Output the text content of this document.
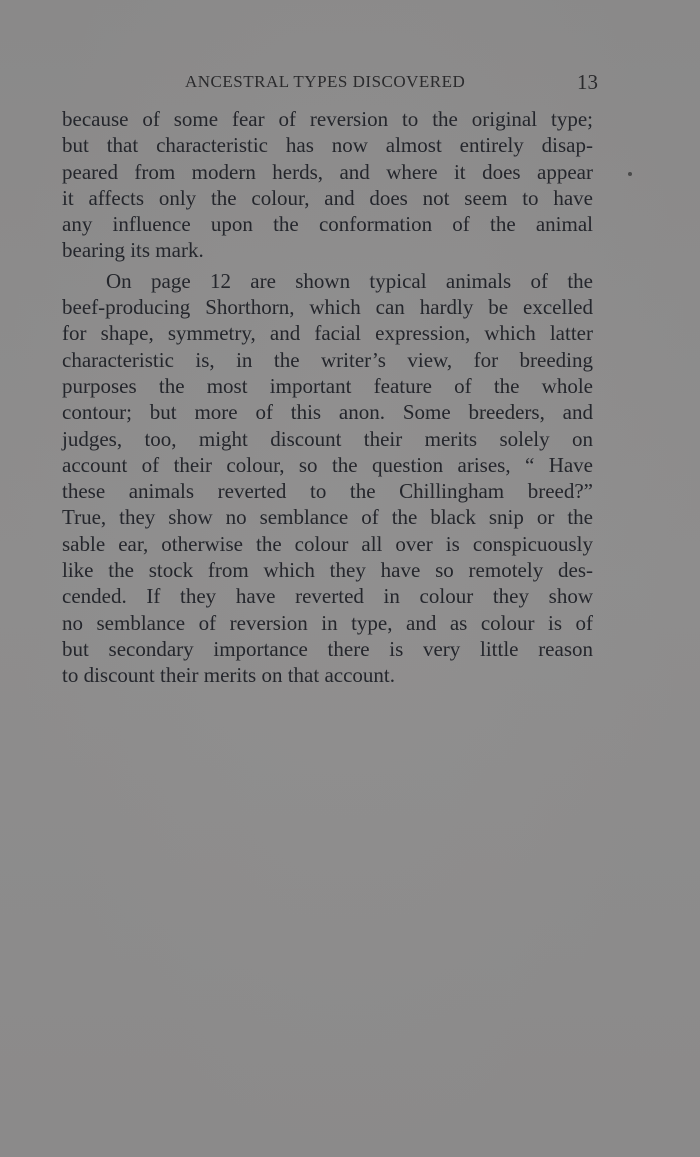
ANCESTRAL TYPES DISCOVERED	13
because of some fear of reversion to the original type;
but that characteristic has now almost entirely disap-
peared from modern herds, and where it does appear
it affects only the colour, and does not seem to have
any influence upon the conformation of the animal
bearing its mark.
On page 12 are shown typical animals of the
beef-producing Shorthorn, which can hardly be excelled
for shape, symmetry, and facial expression, which latter
characteristic is, in the writer’s view, for breeding
purposes the most important feature of the whole
contour; but more of this anon. Some breeders, and
judges, too, might discount their merits solely on
account of their colour, so the question arises, “ Have
these animals reverted to the Chillingham breed?”
True, they show no semblance of the black snip or the
sable ear, otherwise the colour all over is conspicuously
like the stock from which they have so remotely des-
cended. If they have reverted in colour they show
no semblance of reversion in type, and as colour is of
but secondary importance there is very little reason
to discount their merits on that account.
